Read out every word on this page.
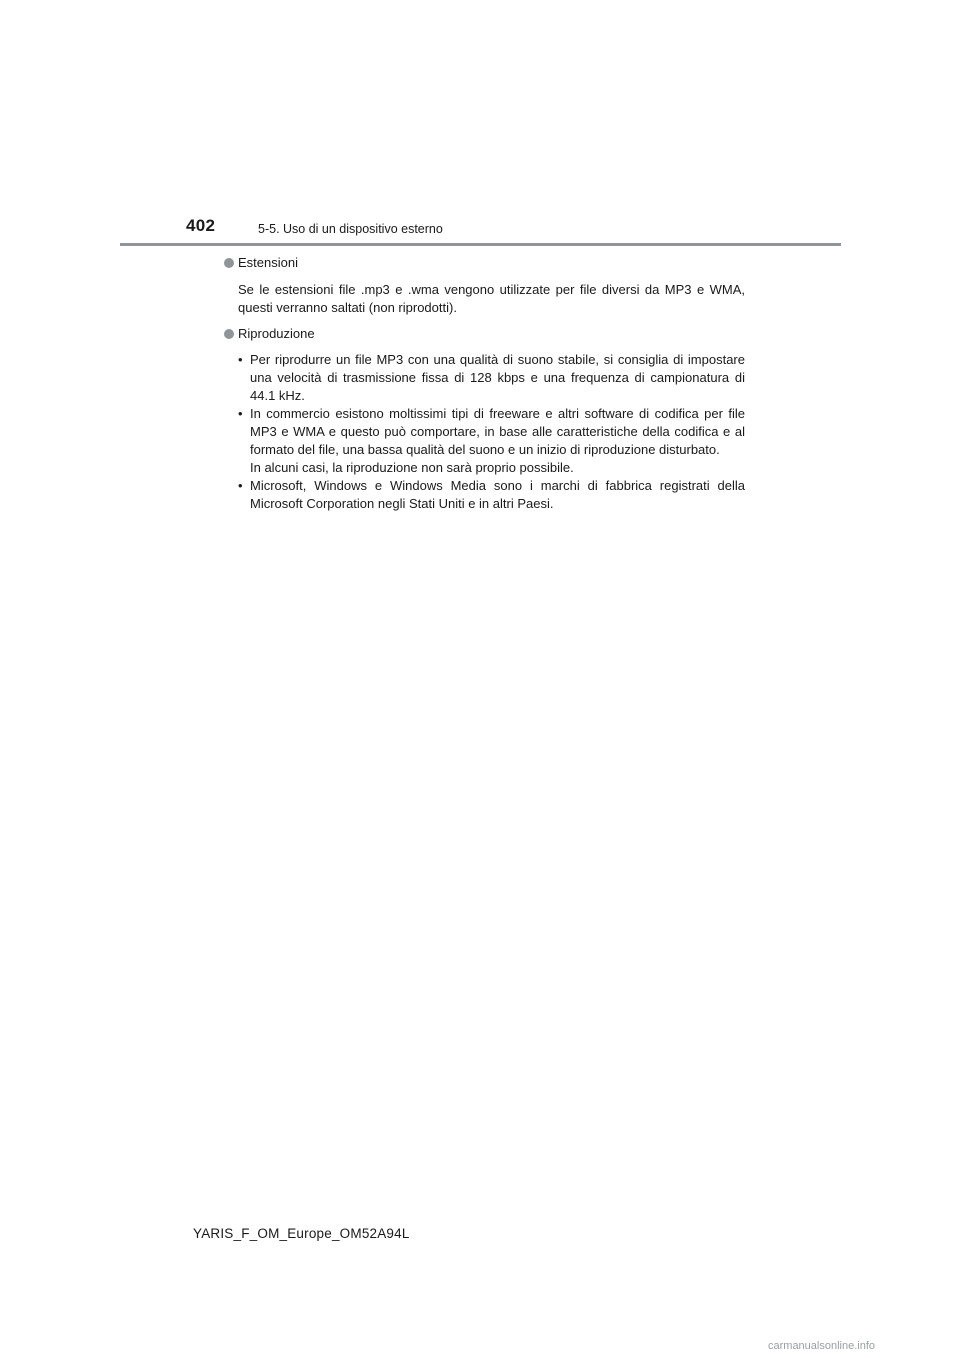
402	5-5. Uso di un dispositivo esterno

Estensioni

Se le estensioni file .mp3 e .wma vengono utilizzate per file diversi da MP3 e WMA, questi verranno saltati (non riprodotti).

Riproduzione

• Per riprodurre un file MP3 con una qualità di suono stabile, si consiglia di impostare una velocità di trasmissione fissa di 128 kbps e una frequenza di campionatura di 44.1 kHz.
• In commercio esistono moltissimi tipi di freeware e altri software di codifica per file MP3 e WMA e questo può comportare, in base alle caratteristiche della codifica e al formato del file, una bassa qualità del suono e un inizio di riproduzione disturbato.
In alcuni casi, la riproduzione non sarà proprio possibile.
• Microsoft, Windows e Windows Media sono i marchi di fabbrica registrati della Microsoft Corporation negli Stati Uniti e in altri Paesi.
YARIS_F_OM_Europe_OM52A94L
carmanualsonline.info
